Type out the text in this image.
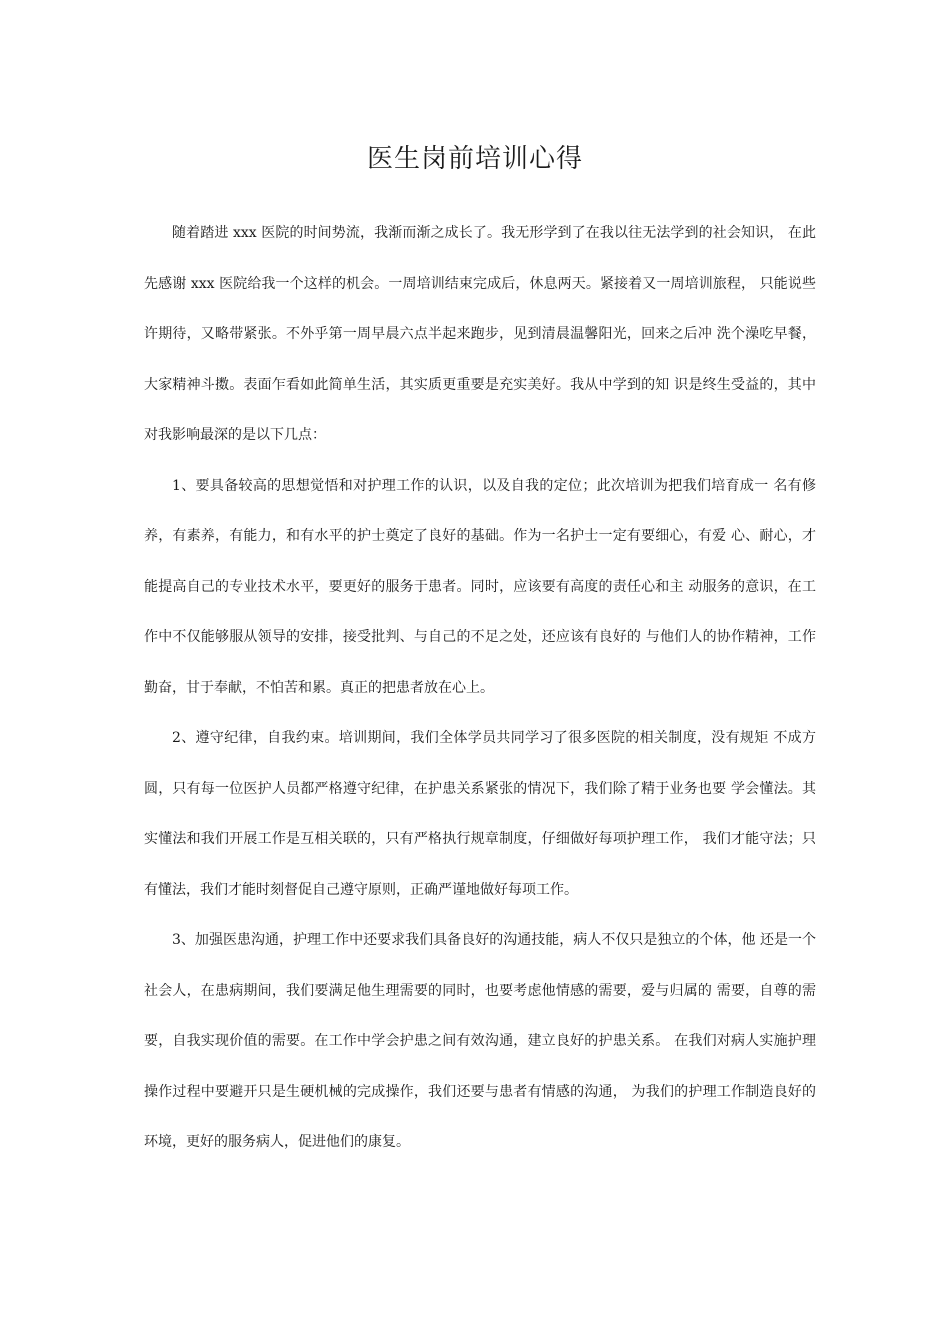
医生岗前培训心得

随着踏进 xxx 医院的时间势流，我渐而渐之成长了。我无形学到了在我以往无法学到的社会知识， 在此先感谢 xxx 医院给我一个这样的机会。一周培训结束完成后，休息两天。紧接着又一周培训旅程， 只能说些许期待，又略带紧张。不外乎第一周早晨六点半起来跑步，见到清晨温馨阳光，回来之后冲 洗个澡吃早餐，大家精神斗擞。表面乍看如此简单生活，其实质更重要是充实美好。我从中学到的知 识是终生受益的，其中对我影响最深的是以下几点：

1、要具备较高的思想觉悟和对护理工作的认识，以及自我的定位；此次培训为把我们培育成一 名有修养，有素养，有能力，和有水平的护士奠定了良好的基础。作为一名护士一定有要细心，有爱 心、耐心，才能提高自己的专业技术水平，要更好的服务于患者。同时，应该要有高度的责任心和主 动服务的意识，在工作中不仅能够服从领导的安排，接受批判、与自己的不足之处，还应该有良好的 与他们人的协作精神，工作勤奋，甘于奉献，不怕苦和累。真正的把患者放在心上。

2、遵守纪律，自我约束。培训期间，我们全体学员共同学习了很多医院的相关制度，没有规矩 不成方圆，只有每一位医护人员都严格遵守纪律，在护患关系紧张的情况下，我们除了精于业务也要 学会懂法。其实懂法和我们开展工作是互相关联的，只有严格执行规章制度，仔细做好每项护理工作， 我们才能守法；只有懂法，我们才能时刻督促自己遵守原则，正确严谨地做好每项工作。

3、加强医患沟通，护理工作中还要求我们具备良好的沟通技能，病人不仅只是独立的个体，他 还是一个社会人，在患病期间，我们要满足他生理需要的同时，也要考虑他情感的需要，爱与归属的 需要，自尊的需要，自我实现价值的需要。在工作中学会护患之间有效沟通，建立良好的护患关系。 在我们对病人实施护理操作过程中要避开只是生硬机械的完成操作，我们还要与患者有情感的沟通， 为我们的护理工作制造良好的环境，更好的服务病人，促进他们的康复。
